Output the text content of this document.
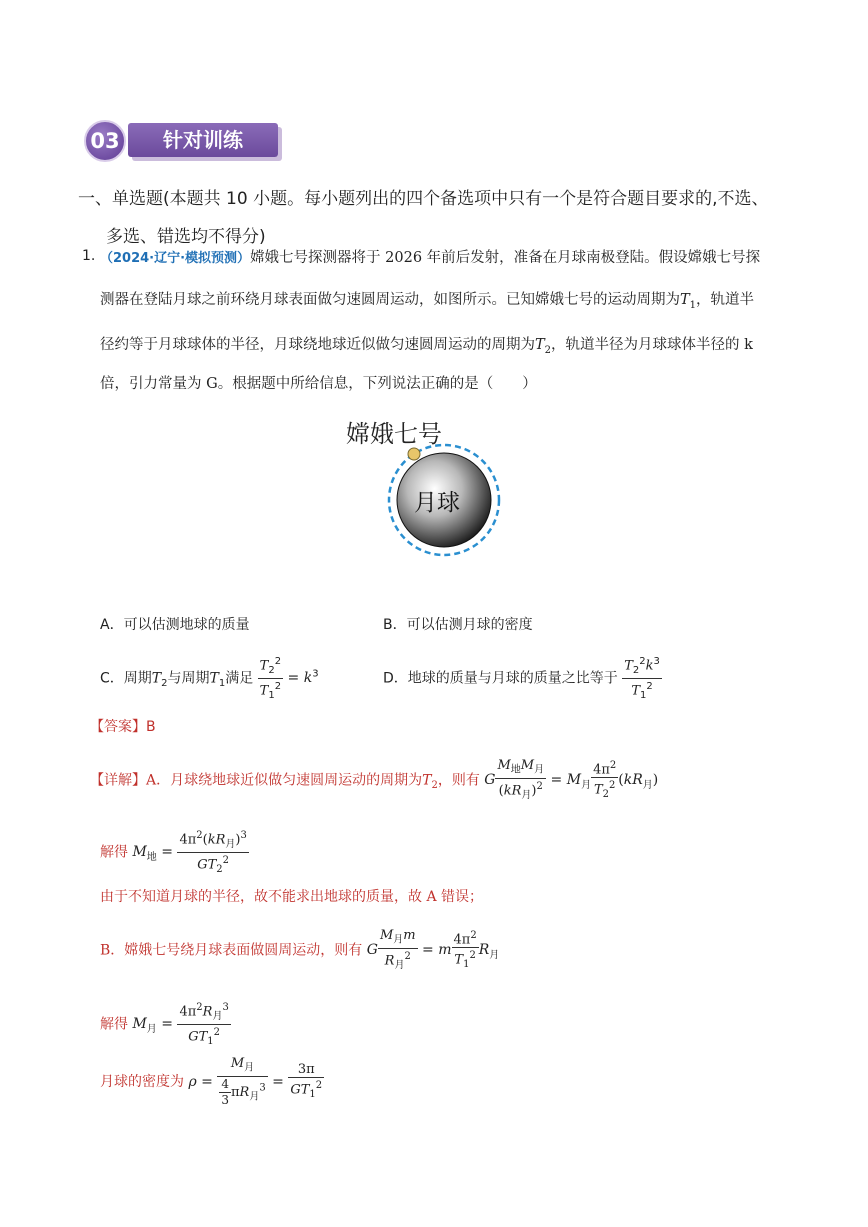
03	针对训练
一、单选题(本题共 10 小题。每小题列出的四个备选项中只有一个是符合题目要求的,不选、
多选、错选均不得分)
1. （2024·辽宁·模拟预测）嫦娥七号探测器将于 2026 年前后发射，准备在月球南极登陆。假设嫦娥七号探
测器在登陆月球之前环绕月球表面做匀速圆周运动，如图所示。已知嫦娥七号的运动周期为$T_1$，轨道半
径约等于月球球体的半径，月球绕地球近似做匀速圆周运动的周期为$T_2$，轨道半径为月球球体半径的 k
倍，引力常量为 G。根据题中所给信息，下列说法正确的是（　　）
嫦娥七号
月球
A．可以估测地球的质量	B．可以估测月球的密度
C．周期$T_2$与周期$T_1$满足 $\frac{T_2^2}{T_1^2} = k^3$	D．地球的质量与月球的质量之比等于 $\frac{T_2^2k^3}{T_1^2}$
【答案】B
【详解】A．月球绕地球近似做匀速圆周运动的周期为$T_2$，则有 G $\frac{M_地M_月}{(kR_月)^2} = M_月 \frac{4\pi^2}{T_2^2} (kR_月)$
解得 $M_地 = \frac{4\pi^2(kR_月)^3}{GT_2^2}$
由于不知道月球的半径，故不能求出地球的质量，故 A 错误；
B．嫦娥七号绕月球表面做圆周运动，则有 G $\frac{M_月m}{R_月^2} = m \frac{4\pi^2}{T_1^2} R_月$
解得 $M_月 = \frac{4\pi^2R_月^3}{GT_1^2}$
月球的密度为 $\rho = \frac{M_月}{\frac{4}{3} \pi R_月^3} = \frac{3\pi}{GT_1^2}$
